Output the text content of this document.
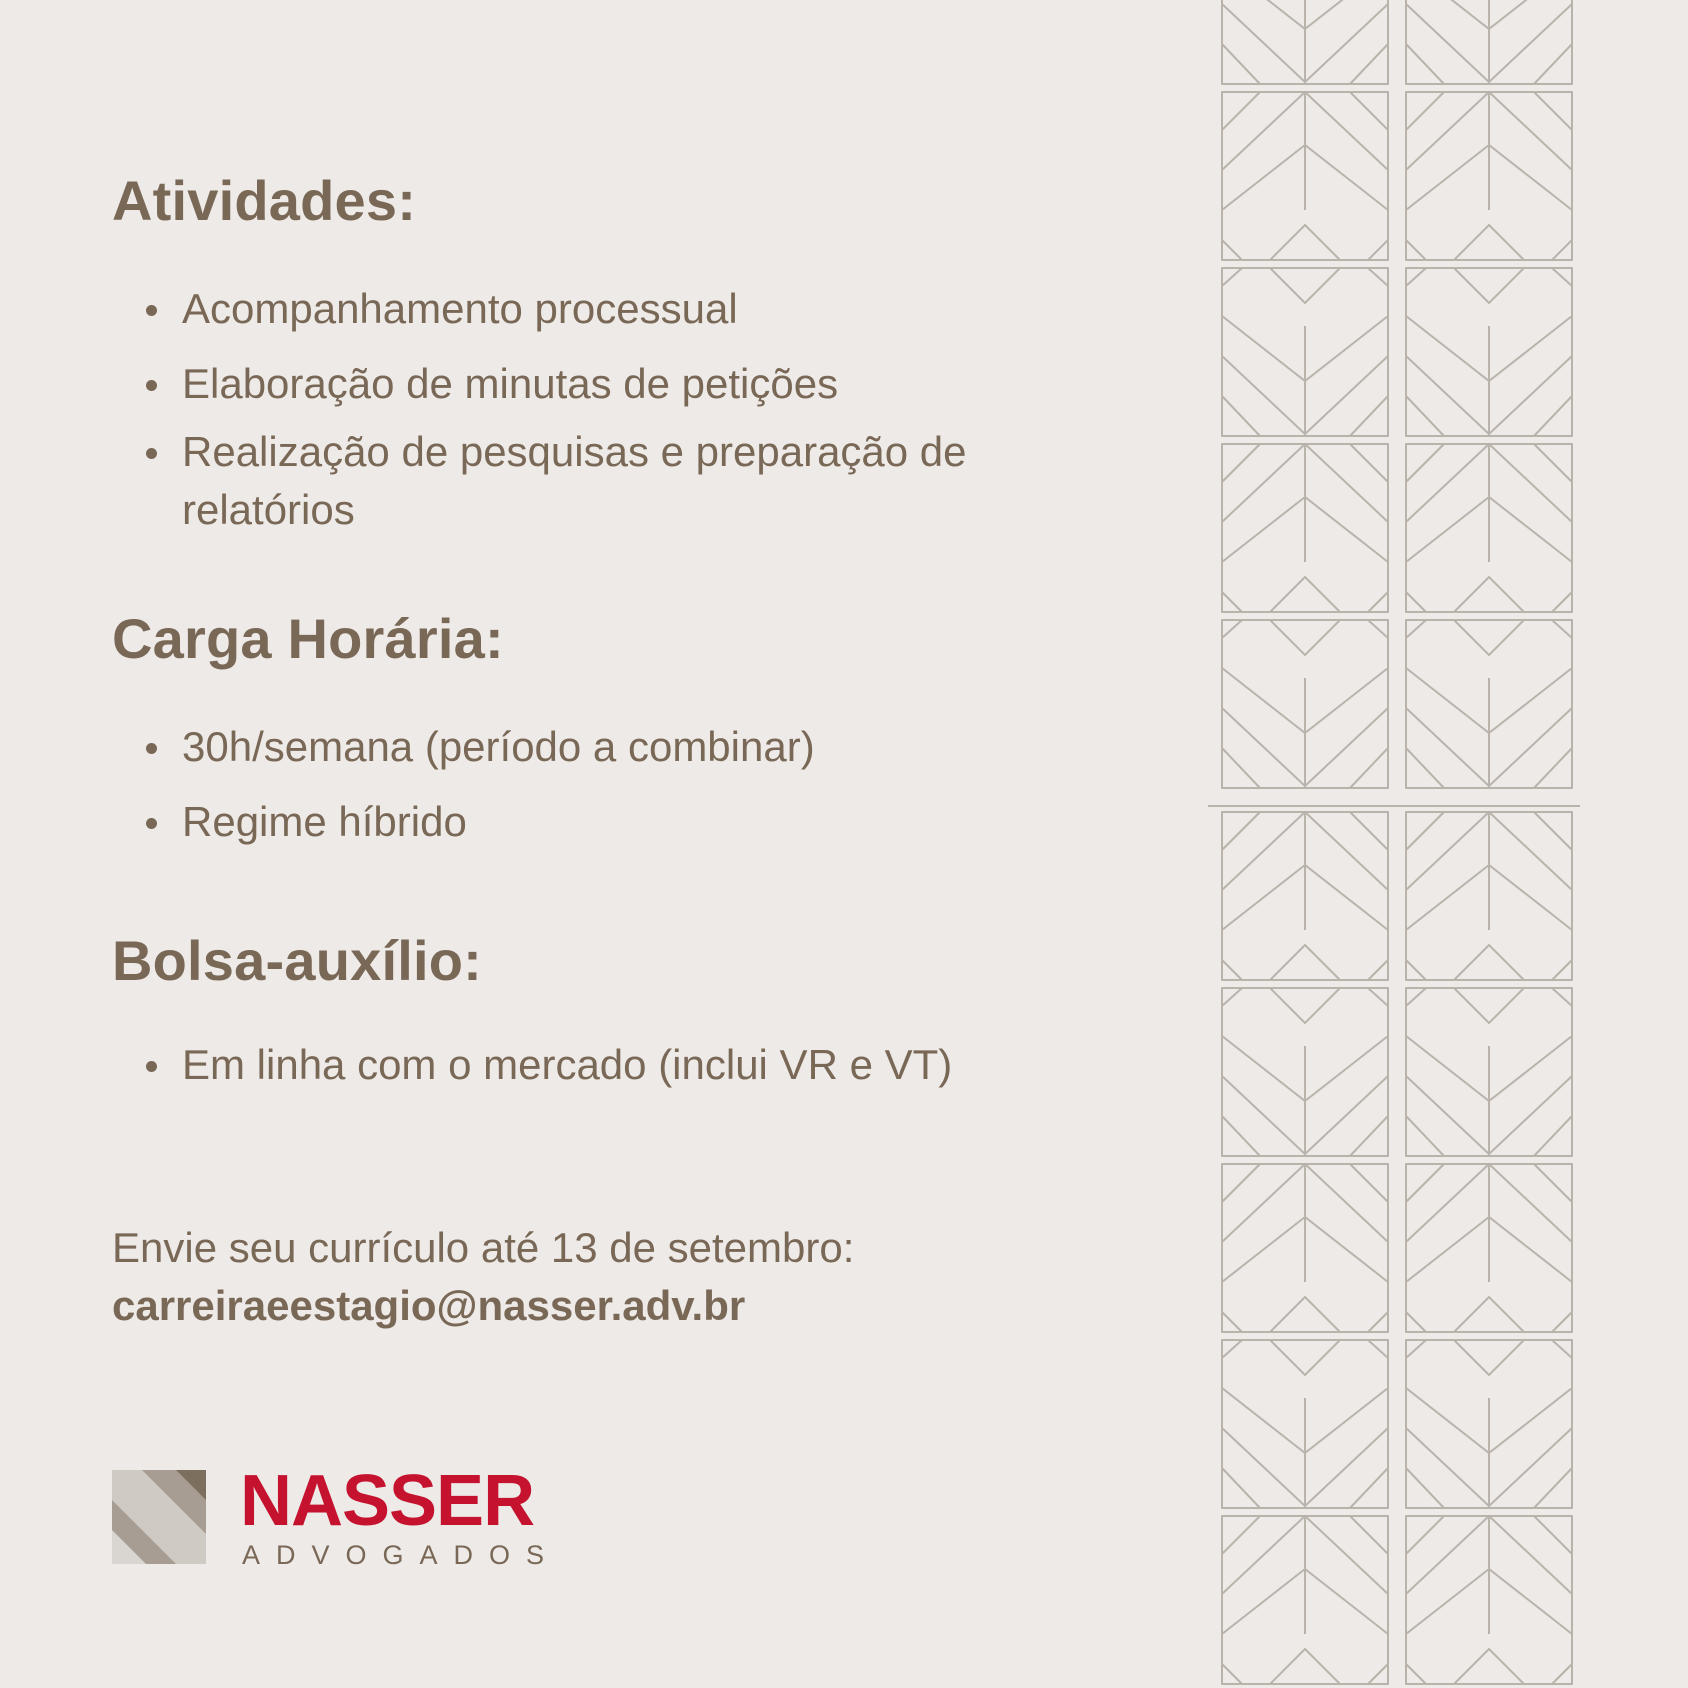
Atividades:
Acompanhamento processual
Elaboração de minutas de petições
Realização de pesquisas e preparação de relatórios
Carga Horária:
30h/semana (período a combinar)
Regime híbrido
Bolsa-auxílio:
Em linha com o mercado (inclui VR e VT)
Envie seu currículo até 13 de setembro:
carreiraeestagio@nasser.adv.br
NASSER
ADVOGADOS
